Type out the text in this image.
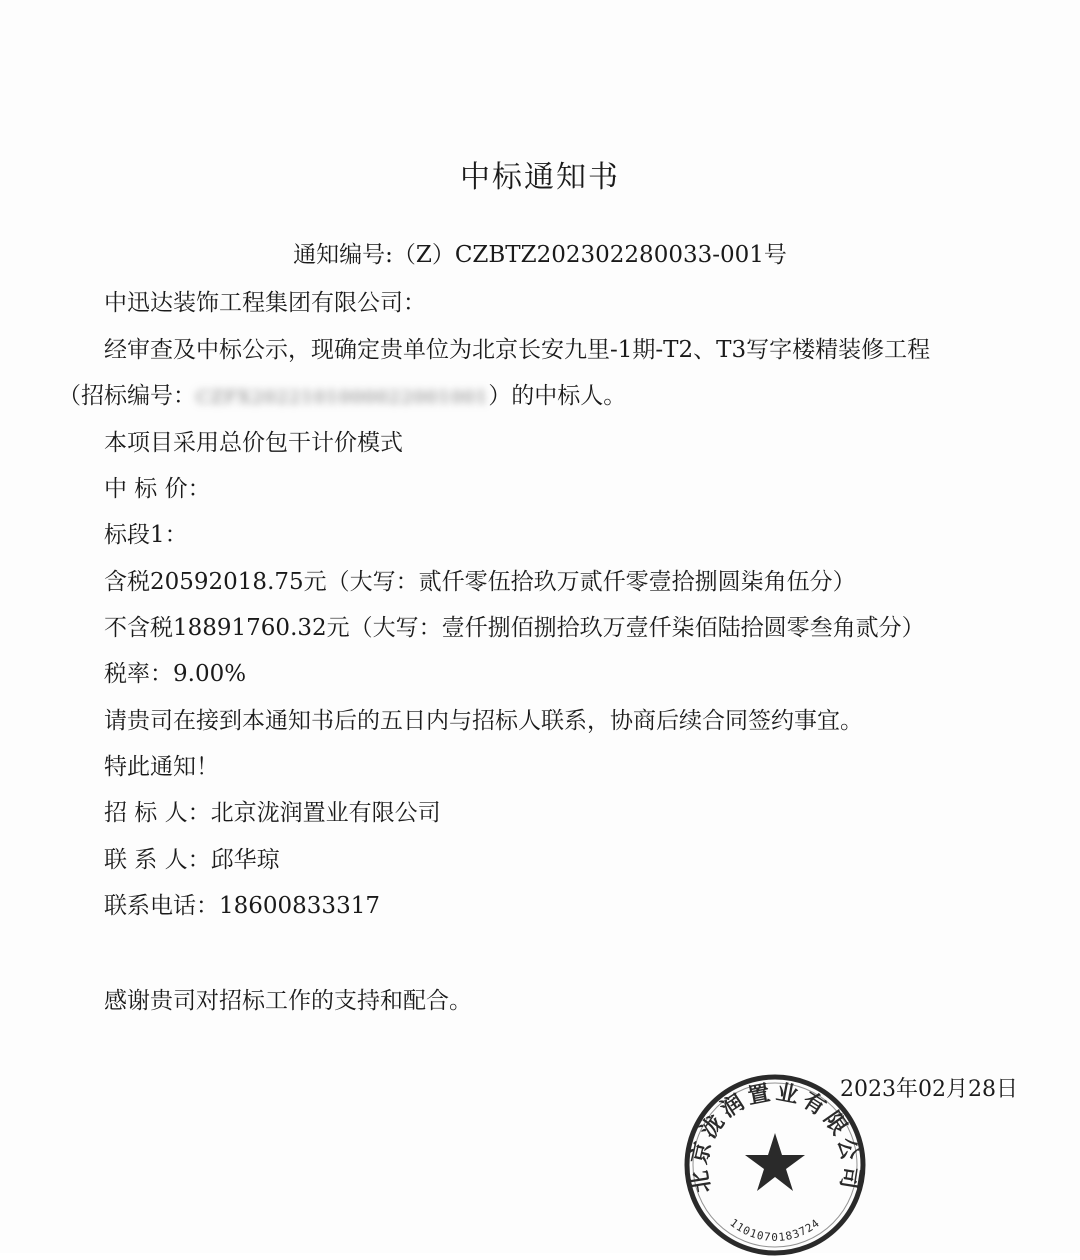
中标通知书
通知编号:（Z）CZBTZ202302280033-001号
中迅达装饰工程集团有限公司：
经审查及中标公示，现确定贵单位为北京长安九里-1期-T2、T3写字楼精装修工程
（招标编号：CZFX2022101000022001001）的中标人。
本项目采用总价包干计价模式
中 标 价：
标段1：
含税20592018.75元（大写：贰仟零伍拾玖万贰仟零壹拾捌圆柒角伍分）
不含税18891760.32元（大写：壹仟捌佰捌拾玖万壹仟柒佰陆拾圆零叁角贰分）
税率：9.00%
请贵司在接到本通知书后的五日内与招标人联系，协商后续合同签约事宜。
特此通知！
招 标 人：北京泷润置业有限公司
联 系 人：邱华琼
联系电话：18600833317
感谢贵司对招标工作的支持和配合。
北京泷润置业有限公司
1101070183724
2023年02月28日
